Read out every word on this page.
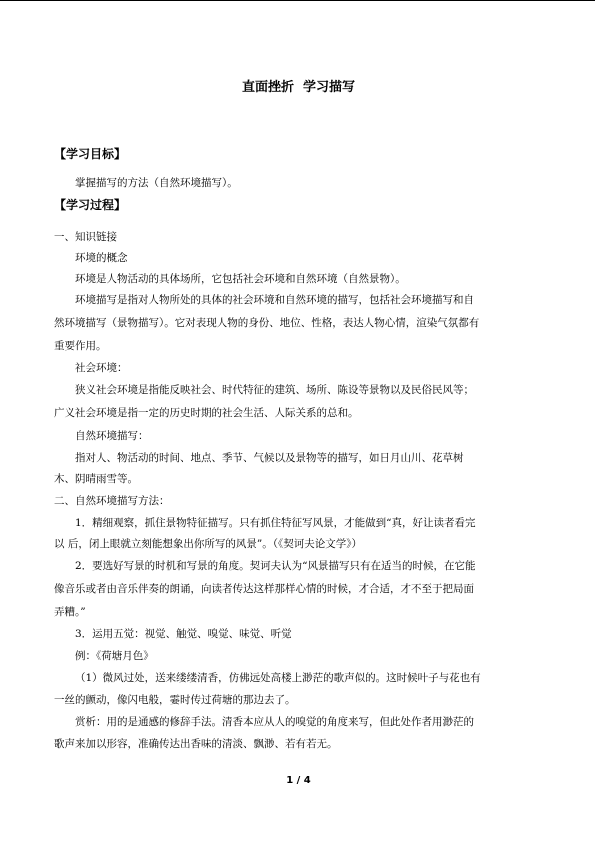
直面挫折  学习描写
【学习目标】
掌握描写的方法（自然环境描写）。
【学习过程】
一、知识链接
环境的概念
环境是人物活动的具体场所，它包括社会环境和自然环境（自然景物）。
环境描写是指对人物所处的具体的社会环境和自然环境的描写，包括社会环境描写和自
然环境描写（景物描写）。它对表现人物的身份、地位、性格，表达人物心情，渲染气氛都有
重要作用。
社会环境：
狭义社会环境是指能反映社会、时代特征的建筑、场所、陈设等景物以及民俗民风等；
广义社会环境是指一定的历史时期的社会生活、人际关系的总和。
自然环境描写：
指对人、物活动的时间、地点、季节、气候以及景物等的描写，如日月山川、花草树
木、阴晴雨雪等。
二、自然环境描写方法：
1．精细观察，抓住景物特征描写。只有抓住特征写风景，才能做到“真，好让读者看完
以 后，闭上眼就立刻能想象出你所写的风景”。（《契诃夫论文学》）
2．要选好写景的时机和写景的角度。契诃夫认为“风景描写只有在适当的时候，在它能
像音乐或者由音乐伴奏的朗诵，向读者传达这样那样心情的时候，才合适，才不至于把局面
弄糟。”
3．运用五觉：视觉、触觉、嗅觉、味觉、听觉
例：《荷塘月色》
（1）微风过处，送来缕缕清香，仿佛远处高楼上渺茫的歌声似的。这时候叶子与花也有
一丝的颤动，像闪电般，霎时传过荷塘的那边去了。
赏析：用的是通感的修辞手法。清香本应从人的嗅觉的角度来写，但此处作者用渺茫的
歌声来加以形容，准确传达出香味的清淡、飘渺、若有若无。
1 / 4
